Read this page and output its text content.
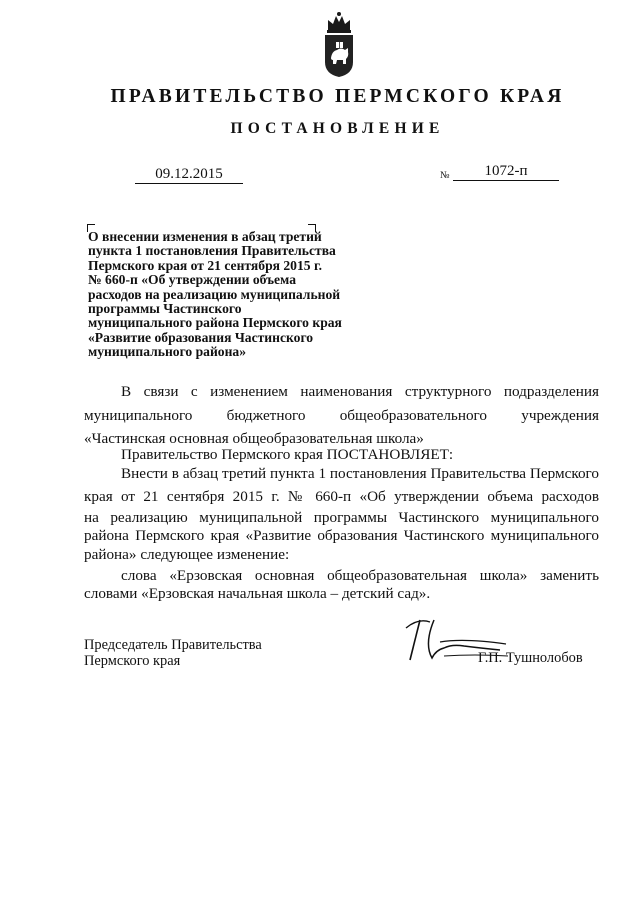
ПРАВИТЕЛЬСТВО ПЕРМСКОГО КРАЯ
ПОСТАНОВЛЕНИЕ
09.12.2015	№	1072-п
О внесении изменения в абзац третий
пункта 1 постановления Правительства
Пермского края от 21 сентября 2015 г.
№ 660-п «Об утверждении объема
расходов на реализацию муниципальной
программы Частинского
муниципального района Пермского края
«Развитие образования Частинского
муниципального района»
В связи с изменением наименования структурного подразделения
муниципального бюджетного общеобразовательного учреждения
«Частинская основная общеобразовательная школа»
Правительство Пермского края ПОСТАНОВЛЯЕТ:
Внести в абзац третий пункта 1 постановления Правительства Пермского
края от 21 сентября 2015 г. № 660-п «Об утверждении объема расходов
на реализацию муниципальной программы Частинского муниципального
района Пермского края «Развитие образования Частинского муниципального
района» следующее изменение:
слова «Ерзовская основная общеобразовательная школа» заменить
словами «Ерзовская начальная школа – детский сад».
Председатель Правительства
Пермского края	Г.П. Тушнолобов
